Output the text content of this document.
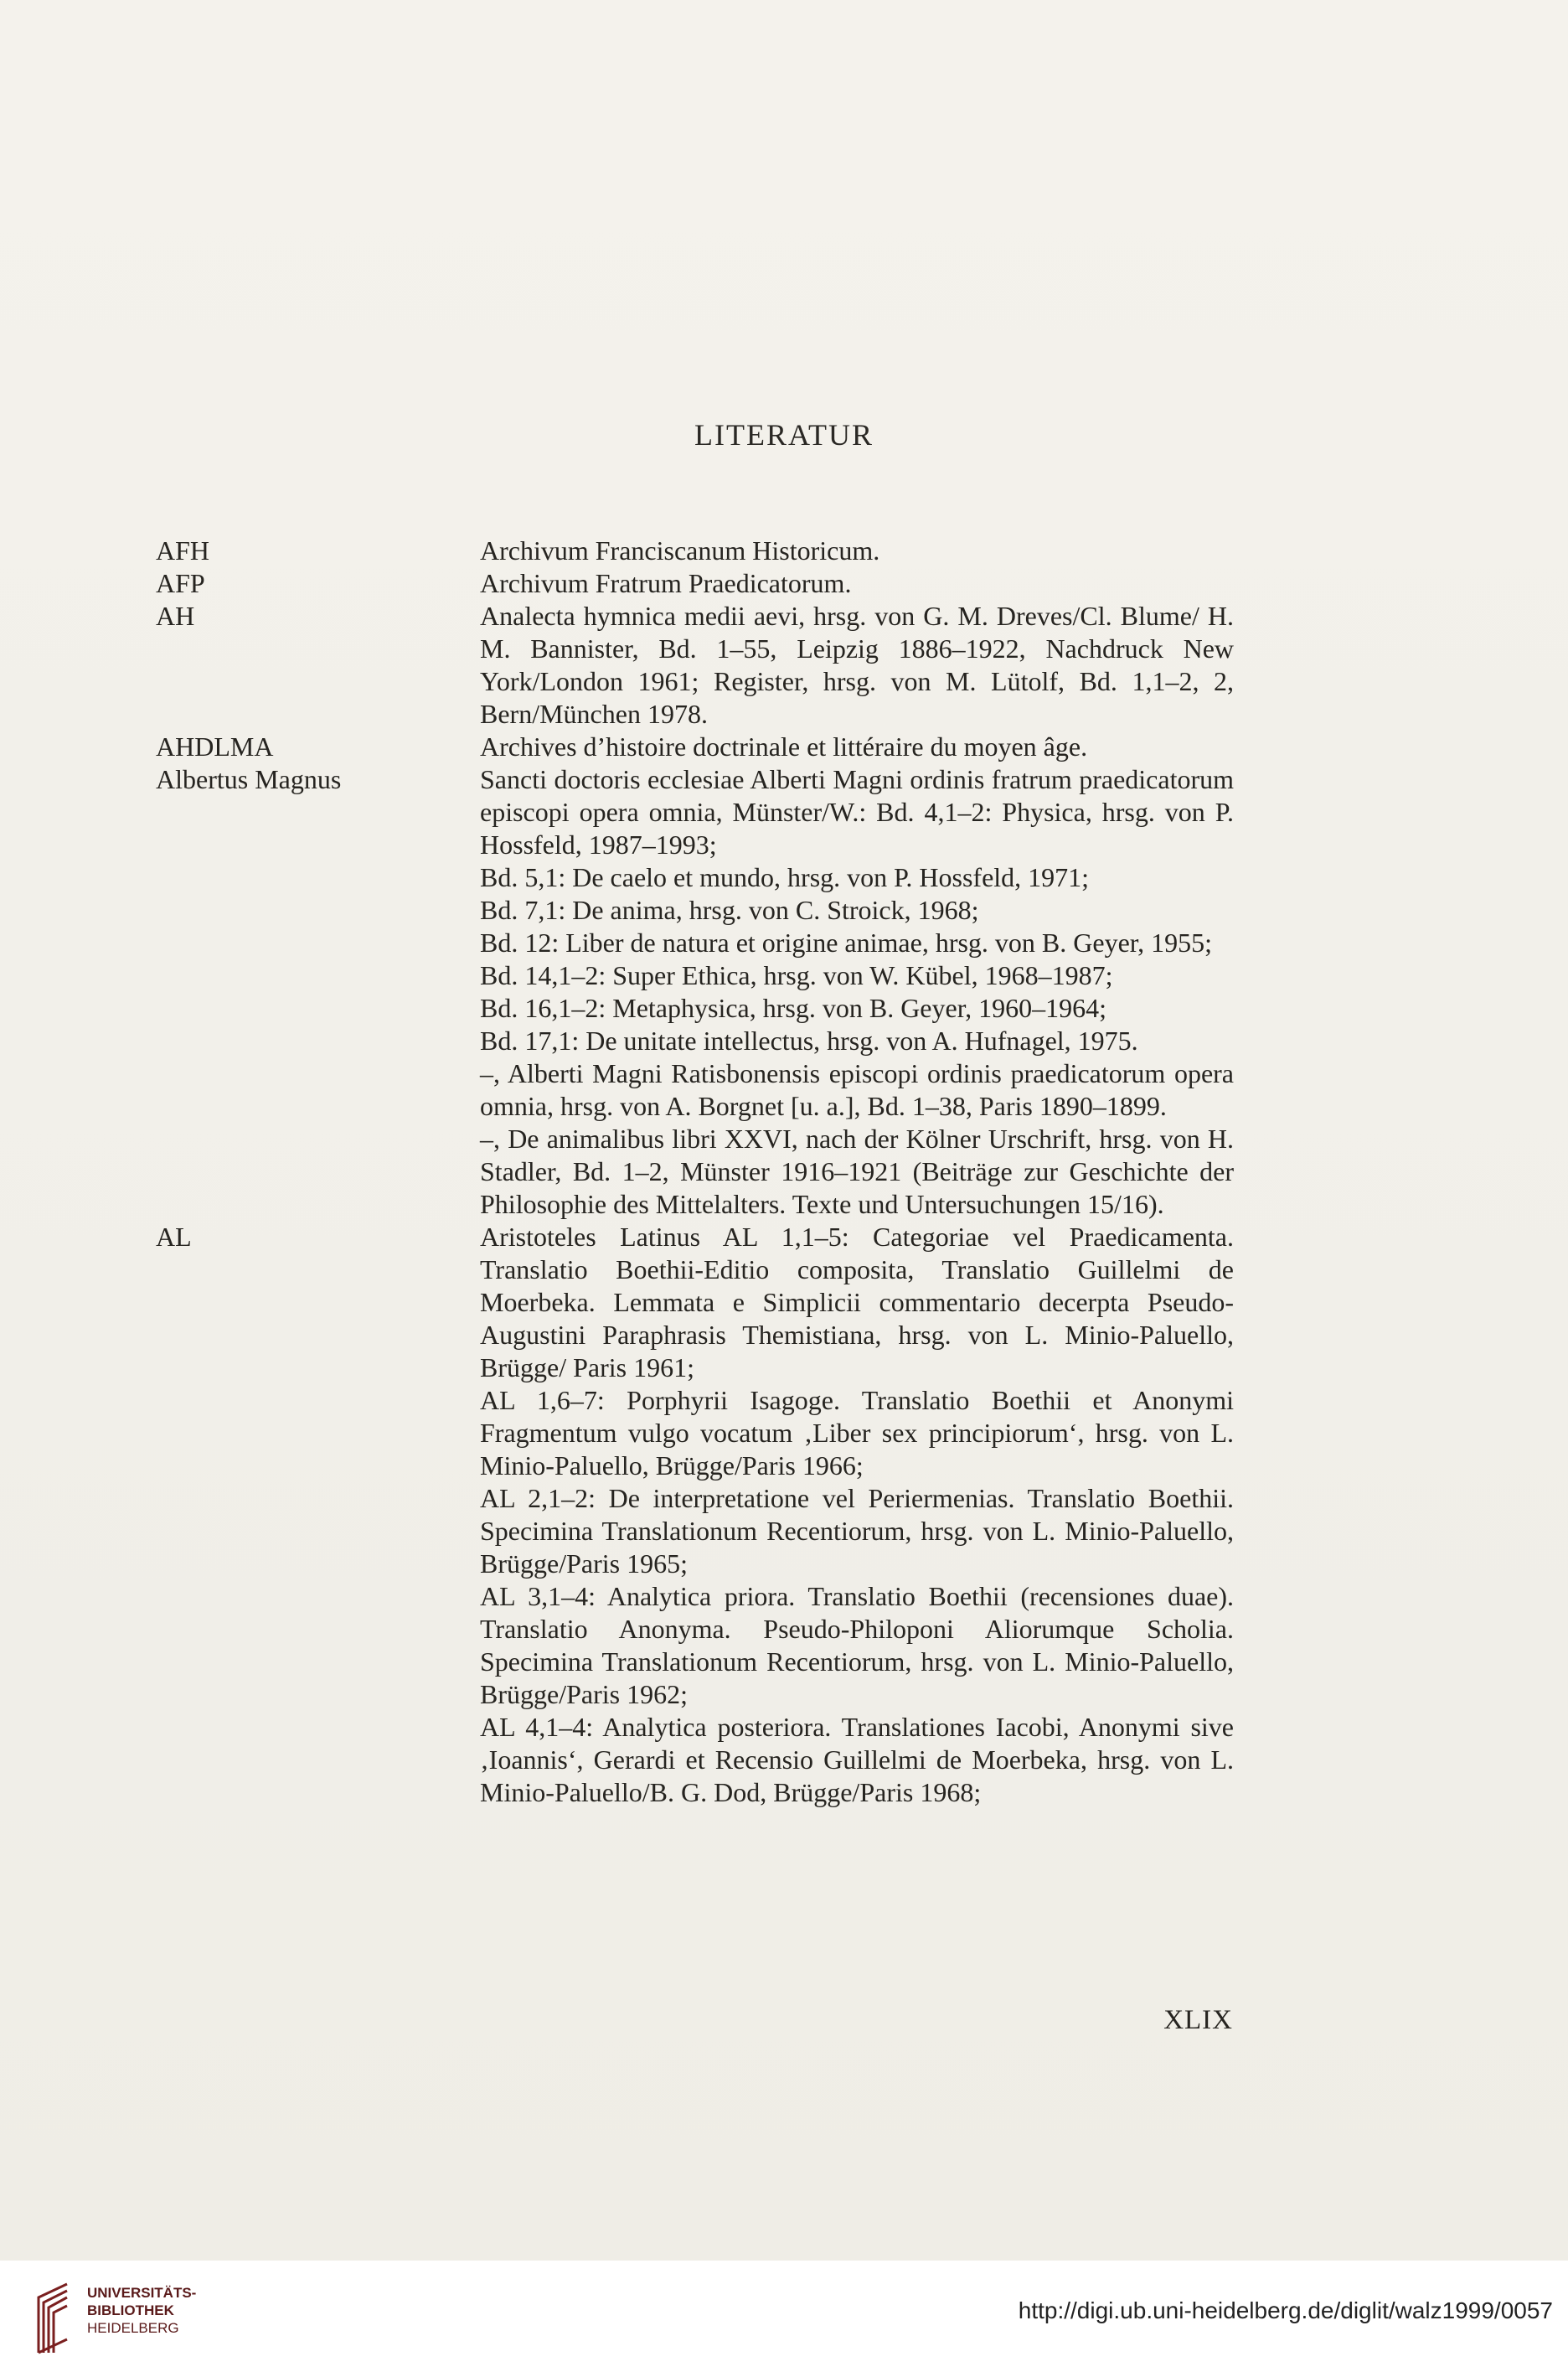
LITERATUR
AFH	Archivum Franciscanum Historicum.

AFP	Archivum Fratrum Praedicatorum.

AH	Analecta hymnica medii aevi, hrsg. von G. M. Dreves/Cl. Blume/ H. M. Bannister, Bd. 1–55, Leipzig 1886–1922, Nachdruck New York/London 1961; Register, hrsg. von M. Lütolf, Bd. 1,1–2, 2, Bern/München 1978.

AHDLMA	Archives d’histoire doctrinale et littéraire du moyen âge.

Albertus Magnus	Sancti doctoris ecclesiae Alberti Magni ordinis fratrum praedicatorum episcopi opera omnia, Münster/W.: Bd. 4,1–2: Physica, hrsg. von P. Hossfeld, 1987–1993;

Bd. 5,1: De caelo et mundo, hrsg. von P. Hossfeld, 1971;

Bd. 7,1: De anima, hrsg. von C. Stroick, 1968;

Bd. 12: Liber de natura et origine animae, hrsg. von B. Geyer, 1955;

Bd. 14,1–2: Super Ethica, hrsg. von W. Kübel, 1968–1987;

Bd. 16,1–2: Metaphysica, hrsg. von B. Geyer, 1960–1964;

Bd. 17,1: De unitate intellectus, hrsg. von A. Hufnagel, 1975.

–, Alberti Magni Ratisbonensis episcopi ordinis praedicatorum opera omnia, hrsg. von A. Borgnet [u. a.], Bd. 1–38, Paris 1890–1899.

–, De animalibus libri XXVI, nach der Kölner Urschrift, hrsg. von H. Stadler, Bd. 1–2, Münster 1916–1921 (Beiträge zur Geschichte der Philosophie des Mittelalters. Texte und Untersuchungen 15/16).

AL	Aristoteles Latinus AL 1,1–5: Categoriae vel Praedicamenta. Translatio Boethii-Editio composita, Translatio Guillelmi de Moerbeka. Lemmata e Simplicii commentario decerpta Pseudo-Augustini Paraphrasis Themistiana, hrsg. von L. Minio-Paluello, Brügge/ Paris 1961;

AL 1,6–7: Porphyrii Isagoge. Translatio Boethii et Anonymi Fragmentum vulgo vocatum ‚Liber sex principiorum‘, hrsg. von L. Minio-Paluello, Brügge/Paris 1966;

AL 2,1–2: De interpretatione vel Periermenias. Translatio Boethii. Specimina Translationum Recentiorum, hrsg. von L. Minio-Paluello, Brügge/Paris 1965;

AL 3,1–4: Analytica priora. Translatio Boethii (recensiones duae). Translatio Anonyma. Pseudo-Philoponi Aliorumque Scholia. Specimina Translationum Recentiorum, hrsg. von L. Minio-Paluello, Brügge/Paris 1962;

AL 4,1–4: Analytica posteriora. Translationes Iacobi, Anonymi sive ‚Ioannis‘, Gerardi et Recensio Guillelmi de Moerbeka, hrsg. von L. Minio-Paluello/B. G. Dod, Brügge/Paris 1968;

XLIX
UNIVERSITÄTS-
BIBLIOTHEK
HEIDELBERG
http://digi.ub.uni-heidelberg.de/diglit/walz1999/0057
